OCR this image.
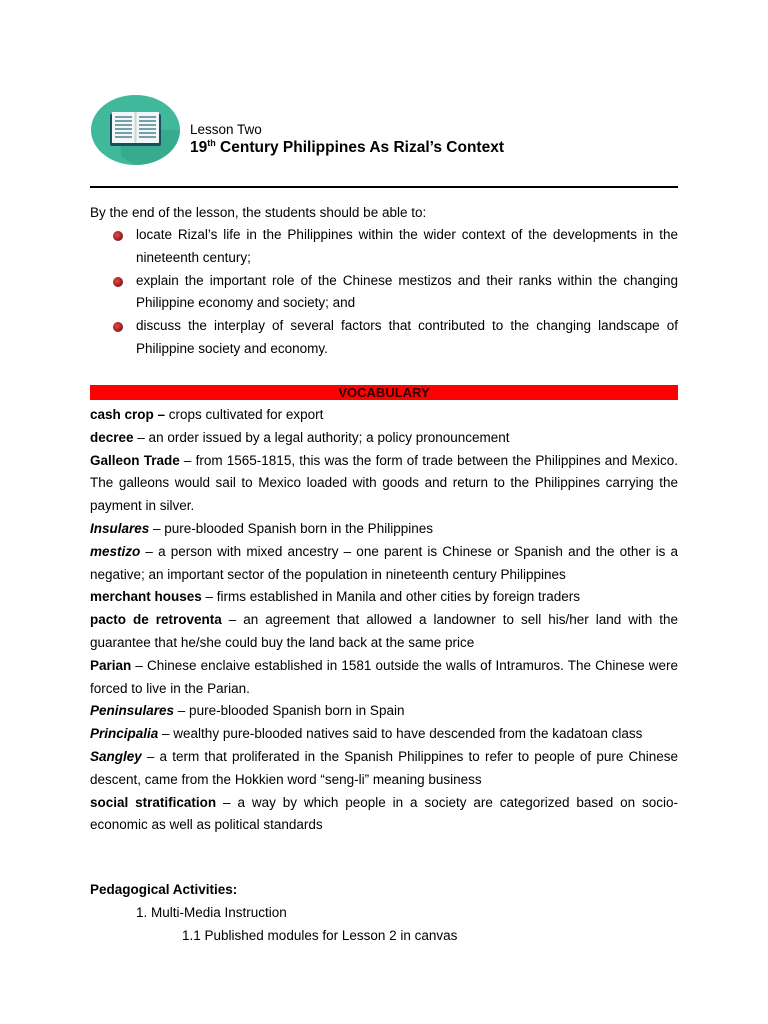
Lesson Two
19th Century Philippines As Rizal’s Context
By the end of the lesson, the students should be able to:
locate Rizal’s life in the Philippines within the wider context of the developments in the nineteenth century;
explain the important role of the Chinese mestizos and their ranks within the changing Philippine economy and society; and
discuss the interplay of several factors that contributed to the changing landscape of Philippine society and economy.
VOCABULARY
cash crop – crops cultivated for export
decree – an order issued by a legal authority; a policy pronouncement
Galleon Trade – from 1565-1815, this was the form of trade between the Philippines and Mexico. The galleons would sail to Mexico loaded with goods and return to the Philippines carrying the payment in silver.
Insulares – pure-blooded Spanish born in the Philippines
mestizo – a person with mixed ancestry – one parent is Chinese or Spanish and the other is a negative; an important sector of the population in nineteenth century Philippines
merchant houses – firms established in Manila and other cities by foreign traders
pacto de retroventa – an agreement that allowed a landowner to sell his/her land with the guarantee that he/she could buy the land back at the same price
Parian – Chinese enclaive established in 1581 outside the walls of Intramuros. The Chinese were forced to live in the Parian.
Peninsulares – pure-blooded Spanish born in Spain
Principalia – wealthy pure-blooded natives said to have descended from the kadatoan class
Sangley – a term that proliferated in the Spanish Philippines to refer to people of pure Chinese descent, came from the Hokkien word “seng-li” meaning business
social stratification – a way by which people in a society are categorized based on socio-economic as well as political standards
Pedagogical Activities:
1. Multi-Media Instruction
1.1 Published modules for Lesson 2 in canvas
